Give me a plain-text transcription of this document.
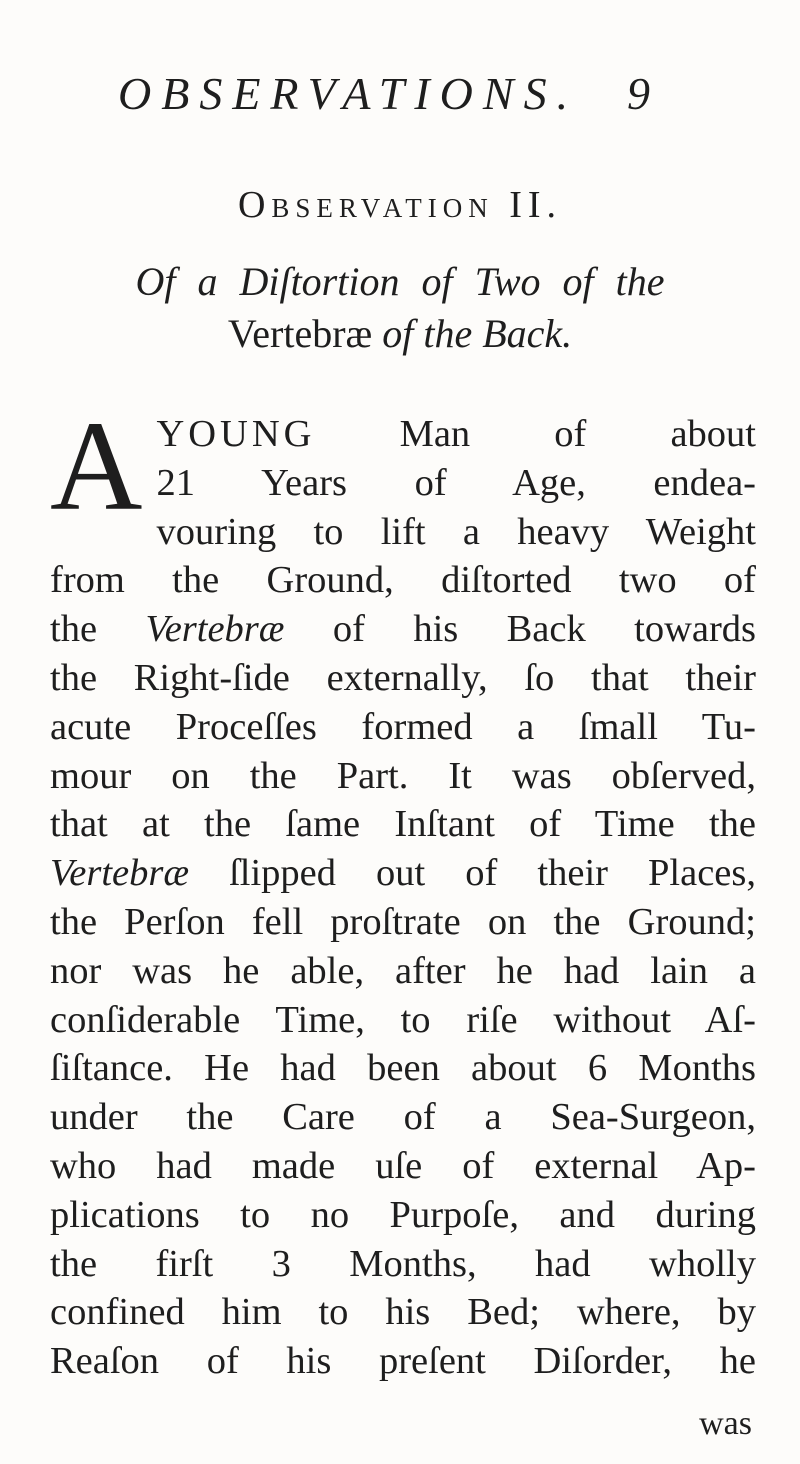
OBSERVATIONS. 9
Observation II.
Of a Diſtortion of Two of the
Vertebræ of the Back.
A YOUNG Man of about
21 Years of Age, endea-
vouring to lift a heavy Weight
from the Ground, diſtorted two of
the Vertebræ of his Back towards
the Right-ſide externally, ſo that their
acute Proceſſes formed a ſmall Tu-
mour on the Part. It was obſerved,
that at the ſame Inſtant of Time the
Vertebræ ſlipped out of their Places,
the Perſon fell proſtrate on the Ground;
nor was he able, after he had lain a
conſiderable Time, to riſe without Aſ-
ſiſtance. He had been about 6 Months
under the Care of a Sea-Surgeon,
who had made uſe of external Ap-
plications to no Purpoſe, and during
the firſt 3 Months, had wholly
confined him to his Bed; where, by
Reaſon of his preſent Diſorder, he
was
